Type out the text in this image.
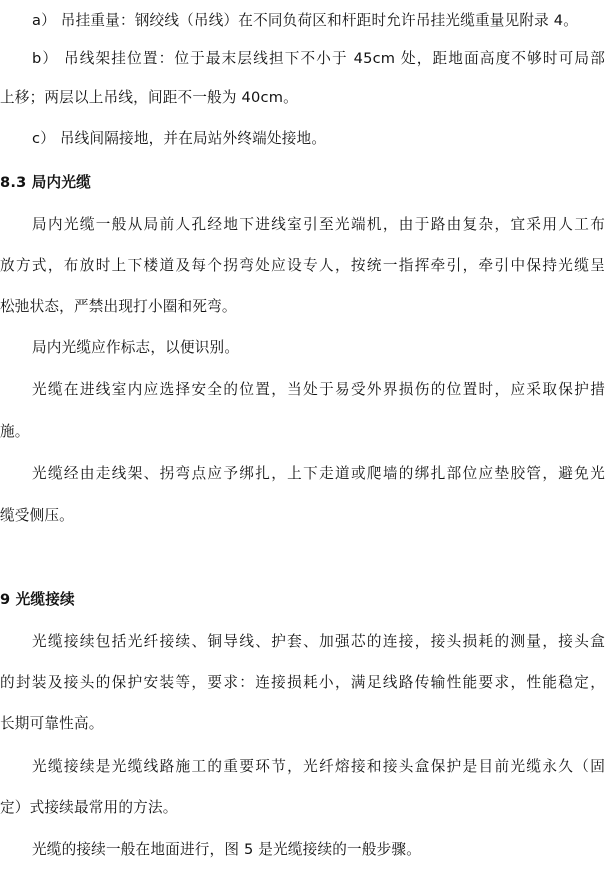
a） 吊挂重量：钢绞线（吊线）在不同负荷区和杆距时允许吊挂光缆重量见附录 4。
b） 吊线架挂位置：位于最末层线担下不小于 45cm 处，距地面高度不够时可局部
上移；两层以上吊线，间距不一般为 40cm。
c） 吊线间隔接地，并在局站外终端处接地。
8.3 局内光缆
局内光缆一般从局前人孔经地下进线室引至光端机，由于路由复杂，宜采用人工布
放方式，布放时上下楼道及每个拐弯处应设专人，按统一指挥牵引，牵引中保持光缆呈
松弛状态，严禁出现打小圈和死弯。
局内光缆应作标志，以便识别。
光缆在进线室内应选择安全的位置，当处于易受外界损伤的位置时，应采取保护措
施。
光缆经由走线架、拐弯点应予绑扎，上下走道或爬墙的绑扎部位应垫胶管，避免光
缆受侧压。
9 光缆接续
光缆接续包括光纤接续、铜导线、护套、加强芯的连接，接头损耗的测量，接头盒
的封装及接头的保护安装等，要求：连接损耗小，满足线路传输性能要求，性能稳定，
长期可靠性高。
光缆接续是光缆线路施工的重要环节，光纤熔接和接头盒保护是目前光缆永久（固
定）式接续最常用的方法。
光缆的接续一般在地面进行，图 5 是光缆接续的一般步骤。
